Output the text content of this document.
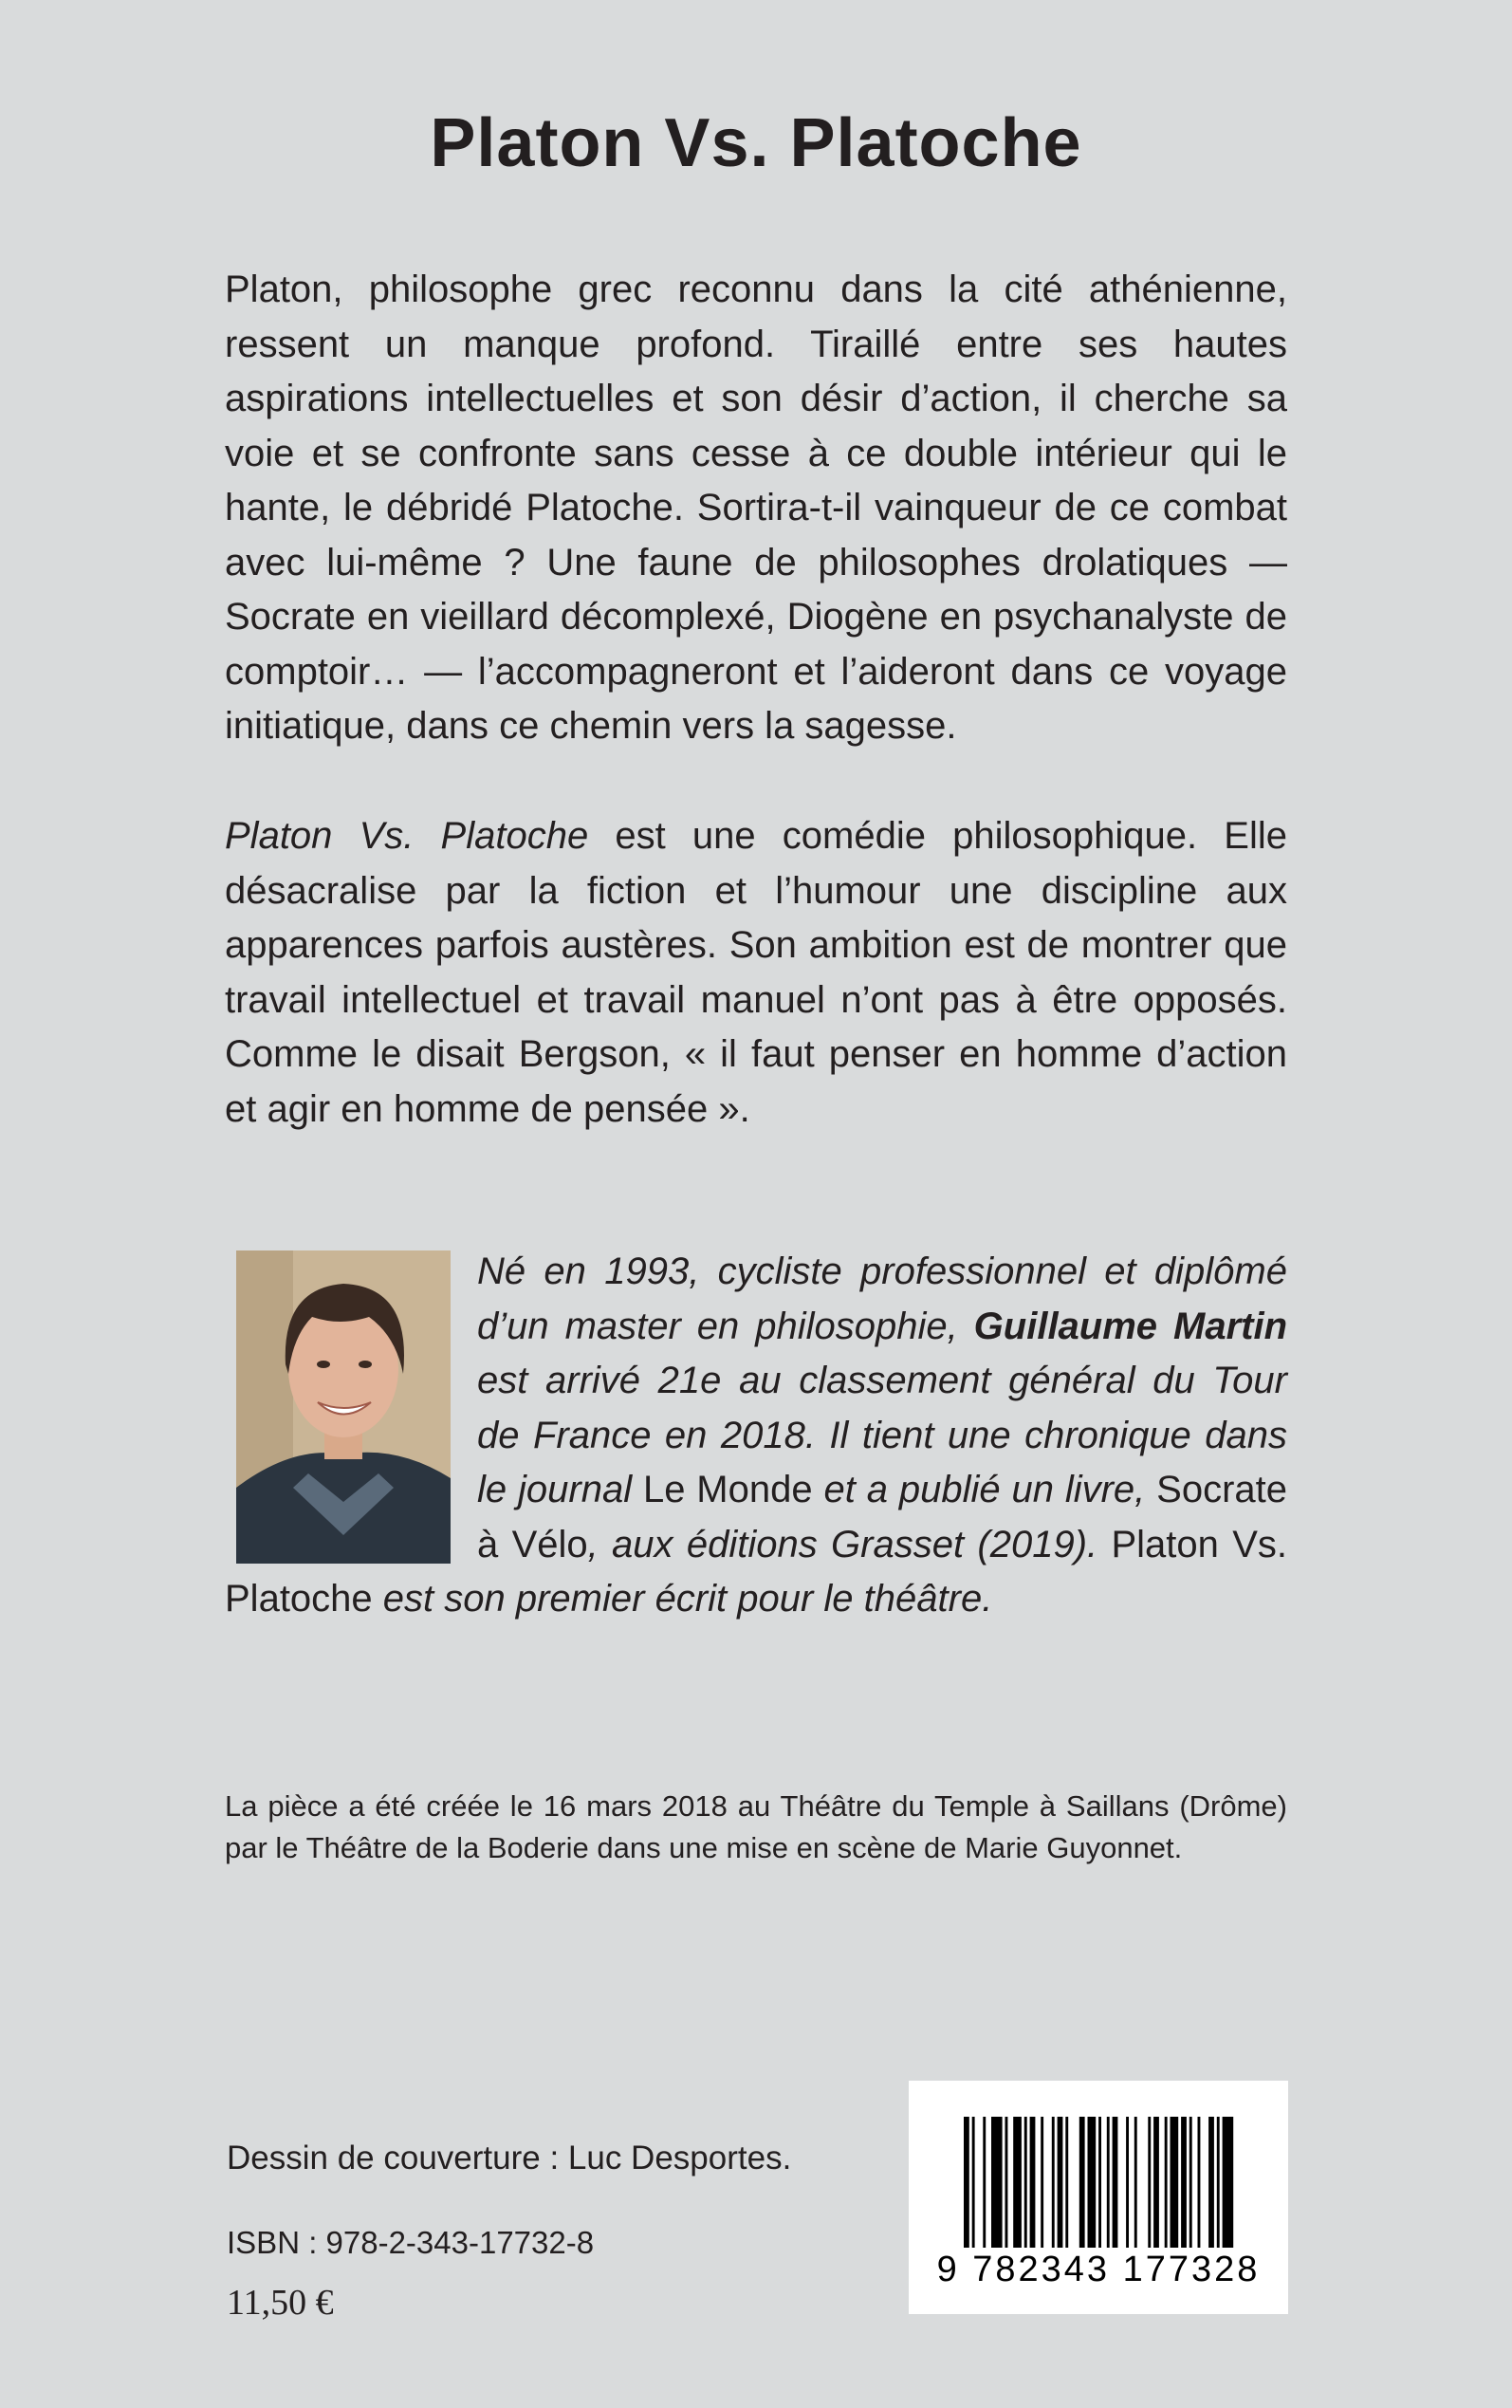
Platon Vs. Platoche

Platon, philosophe grec reconnu dans la cité athénienne, ressent un manque profond. Tiraillé entre ses hautes aspirations intellectuelles et son désir d’action, il cherche sa voie et se confronte sans cesse à ce double intérieur qui le hante, le débridé Platoche. Sortira-t-il vainqueur de ce combat avec lui-même ? Une faune de philosophes drolatiques — Socrate en vieillard décomplexé, Diogène en psychanalyste de comptoir… — l’accompagneront et l’aideront dans ce voyage initiatique, dans ce chemin vers la sagesse.

Platon Vs. Platoche est une comédie philosophique. Elle désacralise par la fiction et l’humour une discipline aux apparences parfois austères. Son ambition est de montrer que travail intellectuel et travail manuel n’ont pas à être opposés. Comme le disait Bergson, « il faut penser en homme d’action et agir en homme de pensée ».

Né en 1993, cycliste professionnel et diplômé d’un master en philosophie, Guillaume Martin est arrivé 21e au classement général du Tour de France en 2018. Il tient une chronique dans le journal Le Monde et a publié un livre, Socrate à Vélo, aux éditions Grasset (2019). Platon Vs. Platoche est son premier écrit pour le théâtre.

La pièce a été créée le 16 mars 2018 au Théâtre du Temple à Saillans (Drôme) par le Théâtre de la Boderie dans une mise en scène de Marie Guyonnet.

Dessin de couverture : Luc Desportes.

ISBN : 978-2-343-17732-8

11,50 €

9 782343 177328
